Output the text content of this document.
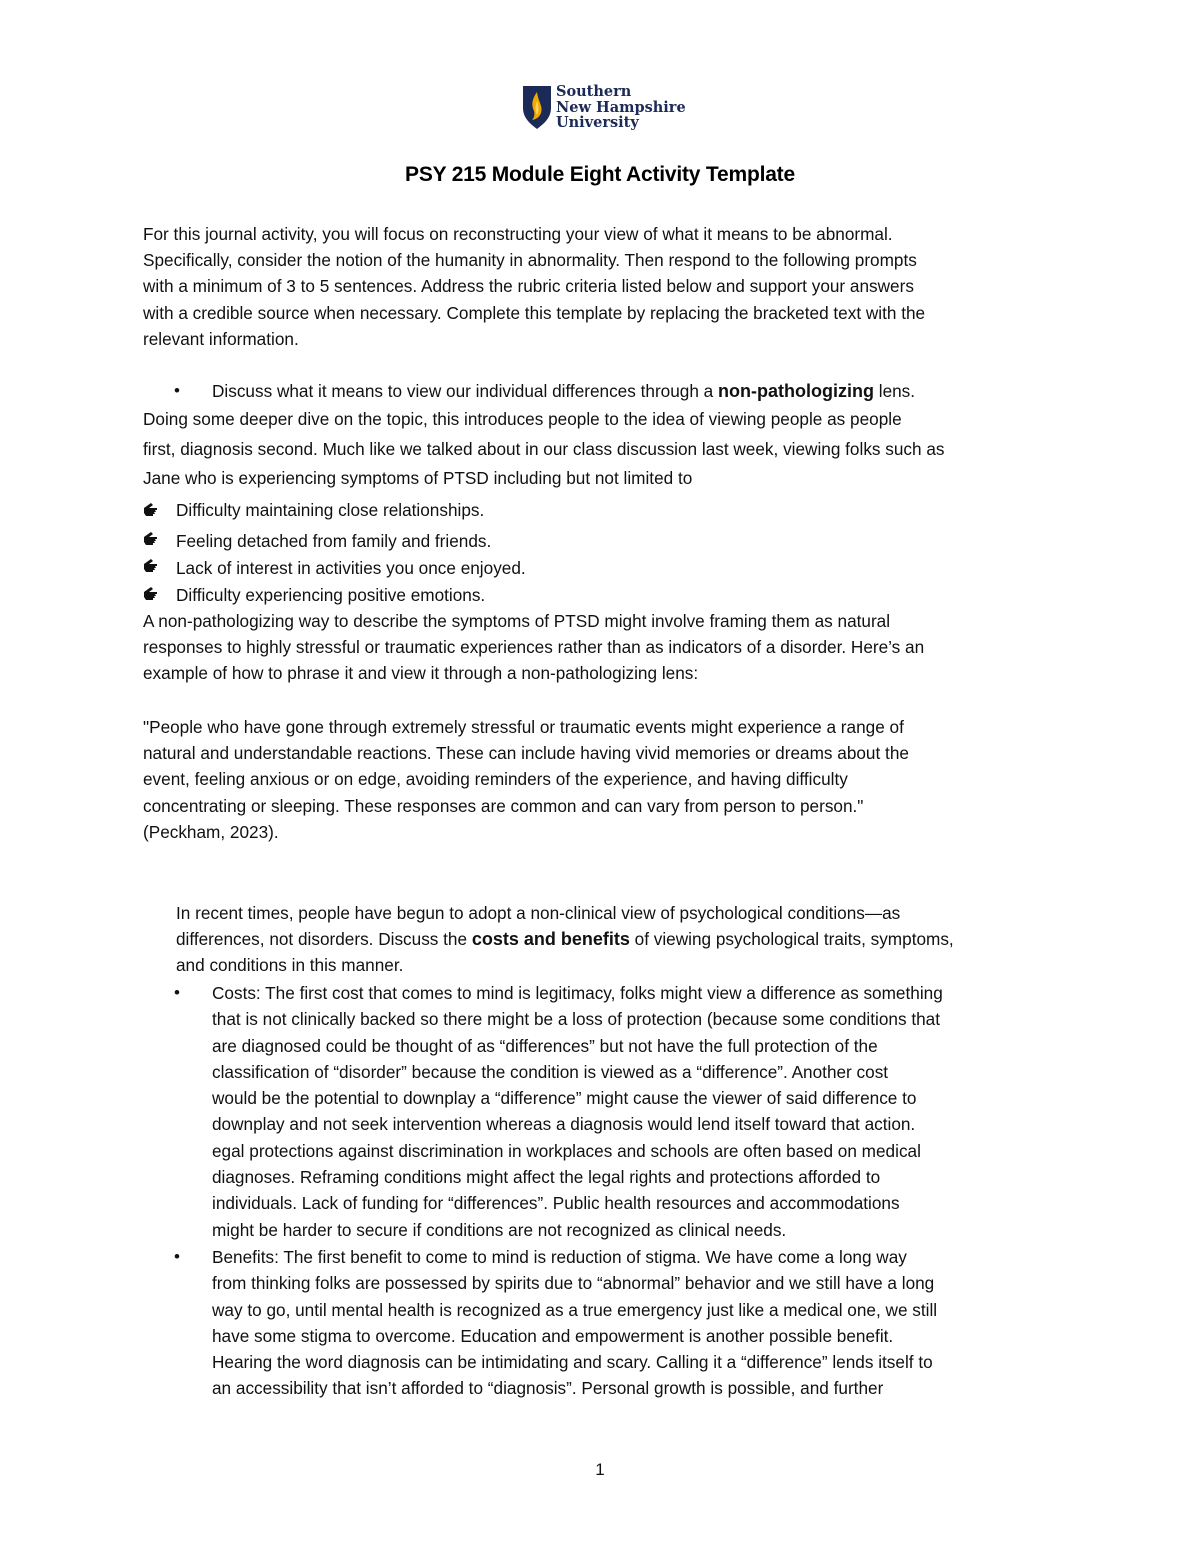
Southern
New Hampshire
University
PSY 215 Module Eight Activity Template
For this journal activity, you will focus on reconstructing your view of what it means to be abnormal.
Specifically, consider the notion of the humanity in abnormality. Then respond to the following prompts
with a minimum of 3 to 5 sentences. Address the rubric criteria listed below and support your answers
with a credible source when necessary. Complete this template by replacing the bracketed text with the
relevant information.
• Discuss what it means to view our individual differences through a non-pathologizing lens.
Doing some deeper dive on the topic, this introduces people to the idea of viewing people as people
first, diagnosis second. Much like we talked about in our class discussion last week, viewing folks such as
Jane who is experiencing symptoms of PTSD including but not limited to
Difficulty maintaining close relationships.
Feeling detached from family and friends.
Lack of interest in activities you once enjoyed.
Difficulty experiencing positive emotions.
A non-pathologizing way to describe the symptoms of PTSD might involve framing them as natural
responses to highly stressful or traumatic experiences rather than as indicators of a disorder. Here’s an
example of how to phrase it and view it through a non-pathologizing lens:
"People who have gone through extremely stressful or traumatic events might experience a range of
natural and understandable reactions. These can include having vivid memories or dreams about the
event, feeling anxious or on edge, avoiding reminders of the experience, and having difficulty
concentrating or sleeping. These responses are common and can vary from person to person."
(Peckham, 2023).
In recent times, people have begun to adopt a non-clinical view of psychological conditions—as
differences, not disorders. Discuss the costs and benefits of viewing psychological traits, symptoms,
and conditions in this manner.
• Costs: The first cost that comes to mind is legitimacy, folks might view a difference as something
that is not clinically backed so there might be a loss of protection (because some conditions that
are diagnosed could be thought of as “differences” but not have the full protection of the
classification of “disorder” because the condition is viewed as a “difference”. Another cost
would be the potential to downplay a “difference” might cause the viewer of said difference to
downplay and not seek intervention whereas a diagnosis would lend itself toward that action.
egal protections against discrimination in workplaces and schools are often based on medical
diagnoses. Reframing conditions might affect the legal rights and protections afforded to
individuals. Lack of funding for “differences”. Public health resources and accommodations
might be harder to secure if conditions are not recognized as clinical needs.
• Benefits: The first benefit to come to mind is reduction of stigma. We have come a long way
from thinking folks are possessed by spirits due to “abnormal” behavior and we still have a long
way to go, until mental health is recognized as a true emergency just like a medical one, we still
have some stigma to overcome. Education and empowerment is another possible benefit.
Hearing the word diagnosis can be intimidating and scary. Calling it a “difference” lends itself to
an accessibility that isn’t afforded to “diagnosis”. Personal growth is possible, and further
1
